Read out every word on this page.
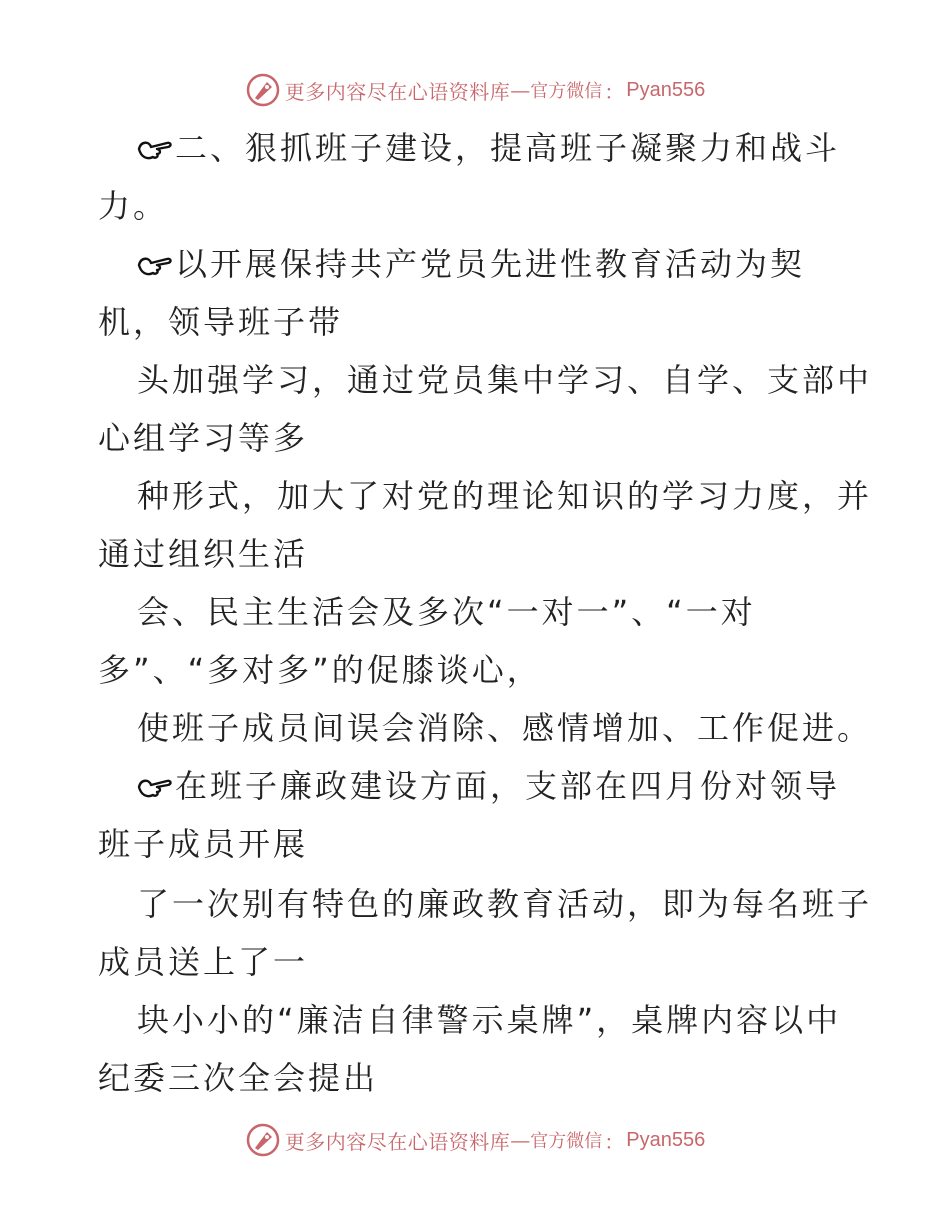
更多内容尽在心语资料库 — 官方微信 ： Pyan556
二、狠抓班子建设，提高班子凝聚力和战斗
力。
以开展保持共产党员先进性教育活动为契
机，领导班子带
头加强学习，通过党员集中学习、自学、支部中
心组学习等多
种形式，加大了对党的理论知识的学习力度，并
通过组织生活
会、民主生活会及多次“一对一”、“一对
多”、“多对多”的促膝谈心，
使班子成员间误会消除、感情增加、工作促进。
在班子廉政建设方面，支部在四月份对领导
班子成员开展
了一次别有特色的廉政教育活动，即为每名班子
成员送上了一
块小小的“廉洁自律警示桌牌”，桌牌内容以中
纪委三次全会提出
更多内容尽在心语资料库 — 官方微信 ： Pyan556
